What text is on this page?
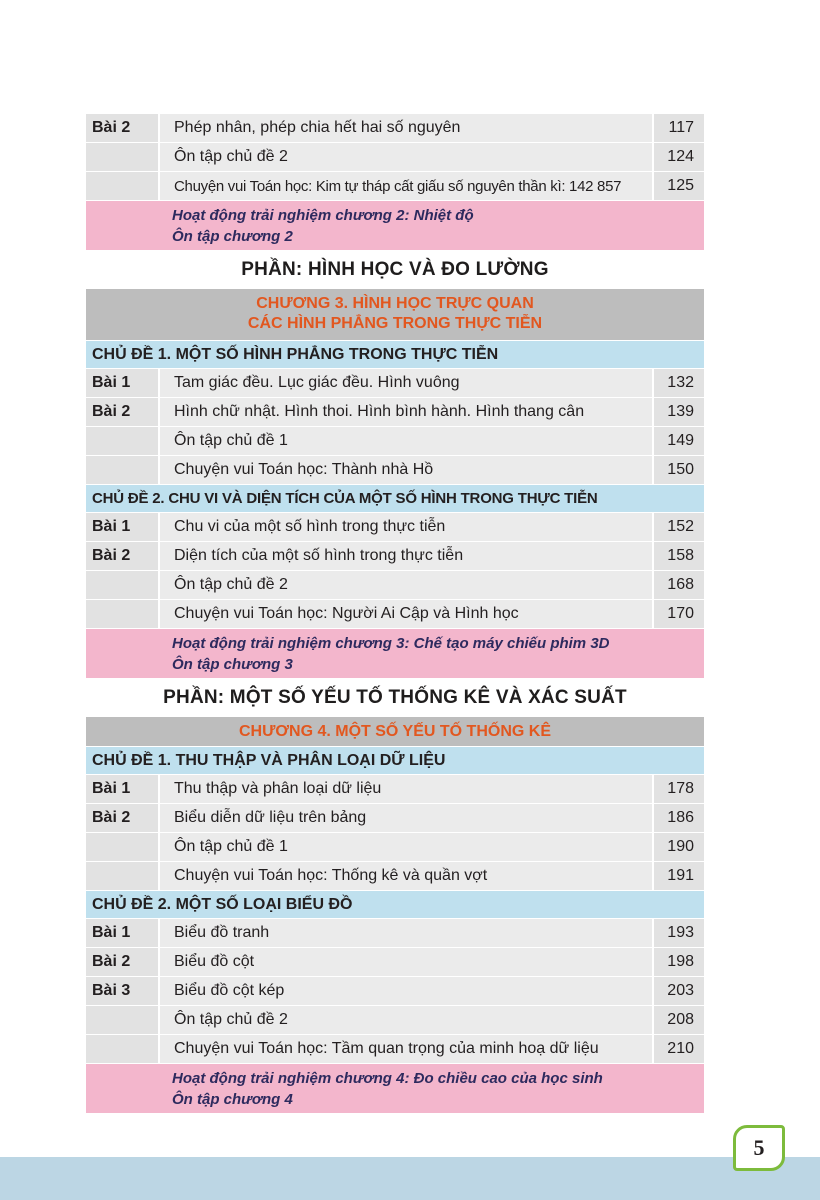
Bài 2	Phép nhân, phép chia hết hai số nguyên	117
Ôn tập chủ đề 2	124
Chuyện vui Toán học: Kim tự tháp cất giấu số nguyên thần kì: 142 857	125
Hoạt động trải nghiệm chương 2: Nhiệt độ
Ôn tập chương 2
PHẦN: HÌNH HỌC VÀ ĐO LƯỜNG
CHƯƠNG 3. HÌNH HỌC TRỰC QUAN
CÁC HÌNH PHẲNG TRONG THỰC TIỄN
CHỦ ĐỀ 1. MỘT SỐ HÌNH PHẲNG TRONG THỰC TIỄN
Bài 1	Tam giác đều. Lục giác đều. Hình vuông	132
Bài 2	Hình chữ nhật. Hình thoi. Hình bình hành. Hình thang cân	139
Ôn tập chủ đề 1	149
Chuyện vui Toán học: Thành nhà Hồ	150
CHỦ ĐỀ 2. CHU VI VÀ DIỆN TÍCH CỦA MỘT SỐ HÌNH TRONG THỰC TIỄN
Bài 1	Chu vi của một số hình trong thực tiễn	152
Bài 2	Diện tích của một số hình trong thực tiễn	158
Ôn tập chủ đề 2	168
Chuyện vui Toán học: Người Ai Cập và Hình học	170
Hoạt động trải nghiệm chương 3: Chế tạo máy chiếu phim 3D
Ôn tập chương 3
PHẦN: MỘT SỐ YẾU TỐ THỐNG KÊ VÀ XÁC SUẤT
CHƯƠNG 4. MỘT SỐ YẾU TỐ THỐNG KÊ
CHỦ ĐỀ 1. THU THẬP VÀ PHÂN LOẠI DỮ LIỆU
Bài 1	Thu thập và phân loại dữ liệu	178
Bài 2	Biểu diễn dữ liệu trên bảng	186
Ôn tập chủ đề 1	190
Chuyện vui Toán học: Thống kê và quần vợt	191
CHỦ ĐỀ 2. MỘT SỐ LOẠI BIỂU ĐỒ
Bài 1	Biểu đồ tranh	193
Bài 2	Biểu đồ cột	198
Bài 3	Biểu đồ cột kép	203
Ôn tập chủ đề 2	208
Chuyện vui Toán học: Tầm quan trọng của minh hoạ dữ liệu	210
Hoạt động trải nghiệm chương 4: Đo chiều cao của học sinh
Ôn tập chương 4
5
